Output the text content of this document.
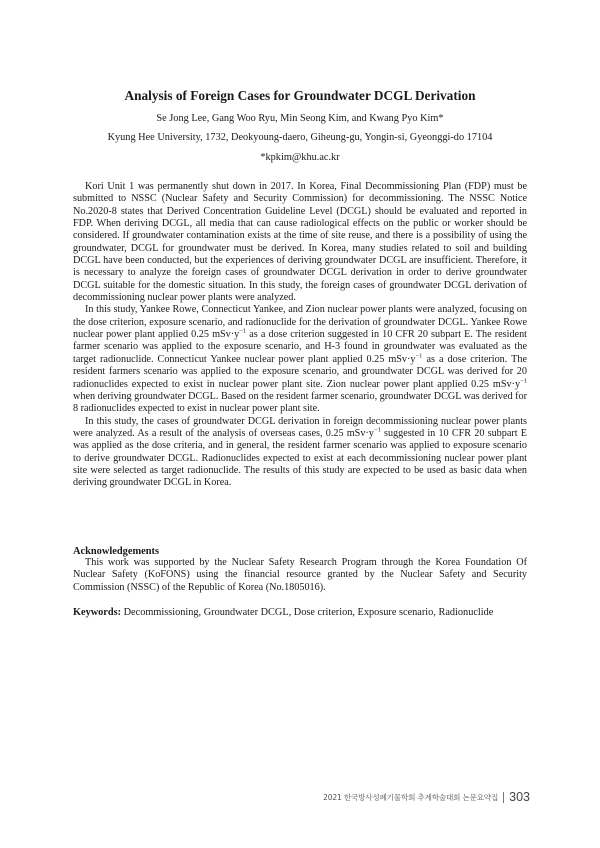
Analysis of Foreign Cases for Groundwater DCGL Derivation
Se Jong Lee, Gang Woo Ryu, Min Seong Kim, and Kwang Pyo Kim*
Kyung Hee University, 1732, Deokyoung-daero, Giheung-gu, Yongin-si, Gyeonggi-do 17104
*kpkim@khu.ac.kr

Kori Unit 1 was permanently shut down in 2017. In Korea, Final Decommissioning Plan (FDP) must be submitted to NSSC (Nuclear Safety and Security Commission) for decommissioning. The NSSC Notice No.2020-8 states that Derived Concentration Guideline Level (DCGL) should be evaluated and reported in FDP. When deriving DCGL, all media that can cause radiological effects on the public or worker should be considered. If groundwater contamination exists at the time of site reuse, and there is a possibility of using the groundwater, DCGL for groundwater must be derived. In Korea, many studies related to soil and building DCGL have been conducted, but the experiences of deriving groundwater DCGL are insufficient. Therefore, it is necessary to analyze the foreign cases of groundwater DCGL derivation in order to derive groundwater DCGL suitable for the domestic situation. In this study, the foreign cases of groundwater DCGL derivation of decommissioning nuclear power plants were analyzed.

In this study, Yankee Rowe, Connecticut Yankee, and Zion nuclear power plants were analyzed, focusing on the dose criterion, exposure scenario, and radionuclide for the derivation of groundwater DCGL. Yankee Rowe nuclear power plant applied 0.25 $mSv\cdot y^{-1}$ as a dose criterion suggested in 10 CFR 20 subpart E. The resident farmer scenario was applied to the exposure scenario, and H-3 found in groundwater was evaluated as the target radionuclide. Connecticut Yankee nuclear power plant applied 0.25 $mSv\cdot y^{-1}$ as a dose criterion. The resident farmers scenario was applied to the exposure scenario, and groundwater DCGL was derived for 20 radionuclides expected to exist in nuclear power plant site. Zion nuclear power plant applied 0.25 $mSv\cdot y^{-1}$ when deriving groundwater DCGL. Based on the resident farmer scenario, groundwater DCGL was derived for 8 radionuclides expected to exist in nuclear power plant site.

In this study, the cases of groundwater DCGL derivation in foreign decommissioning nuclear power plants were analyzed. As a result of the analysis of overseas cases, 0.25 $mSv\cdot y^{-1}$ suggested in 10 CFR 20 subpart E was applied as the dose criteria, and in general, the resident farmer scenario was applied to exposure scenario to derive groundwater DCGL. Radionuclides expected to exist at each decommissioning nuclear power plant site were selected as target radionuclide. The results of this study are expected to be used as basic data when deriving groundwater DCGL in Korea.

Acknowledgements

This work was supported by the Nuclear Safety Research Program through the Korea Foundation Of Nuclear Safety (KoFONS) using the financial resource granted by the Nuclear Safety and Security Commission (NSSC) of the Republic of Korea (No.1805016).

Keywords: Decommissioning, Groundwater DCGL, Dose criterion, Exposure scenario, Radionuclide
2021 한국방사성폐기물학회 추계학술대회 논문요약집 303
